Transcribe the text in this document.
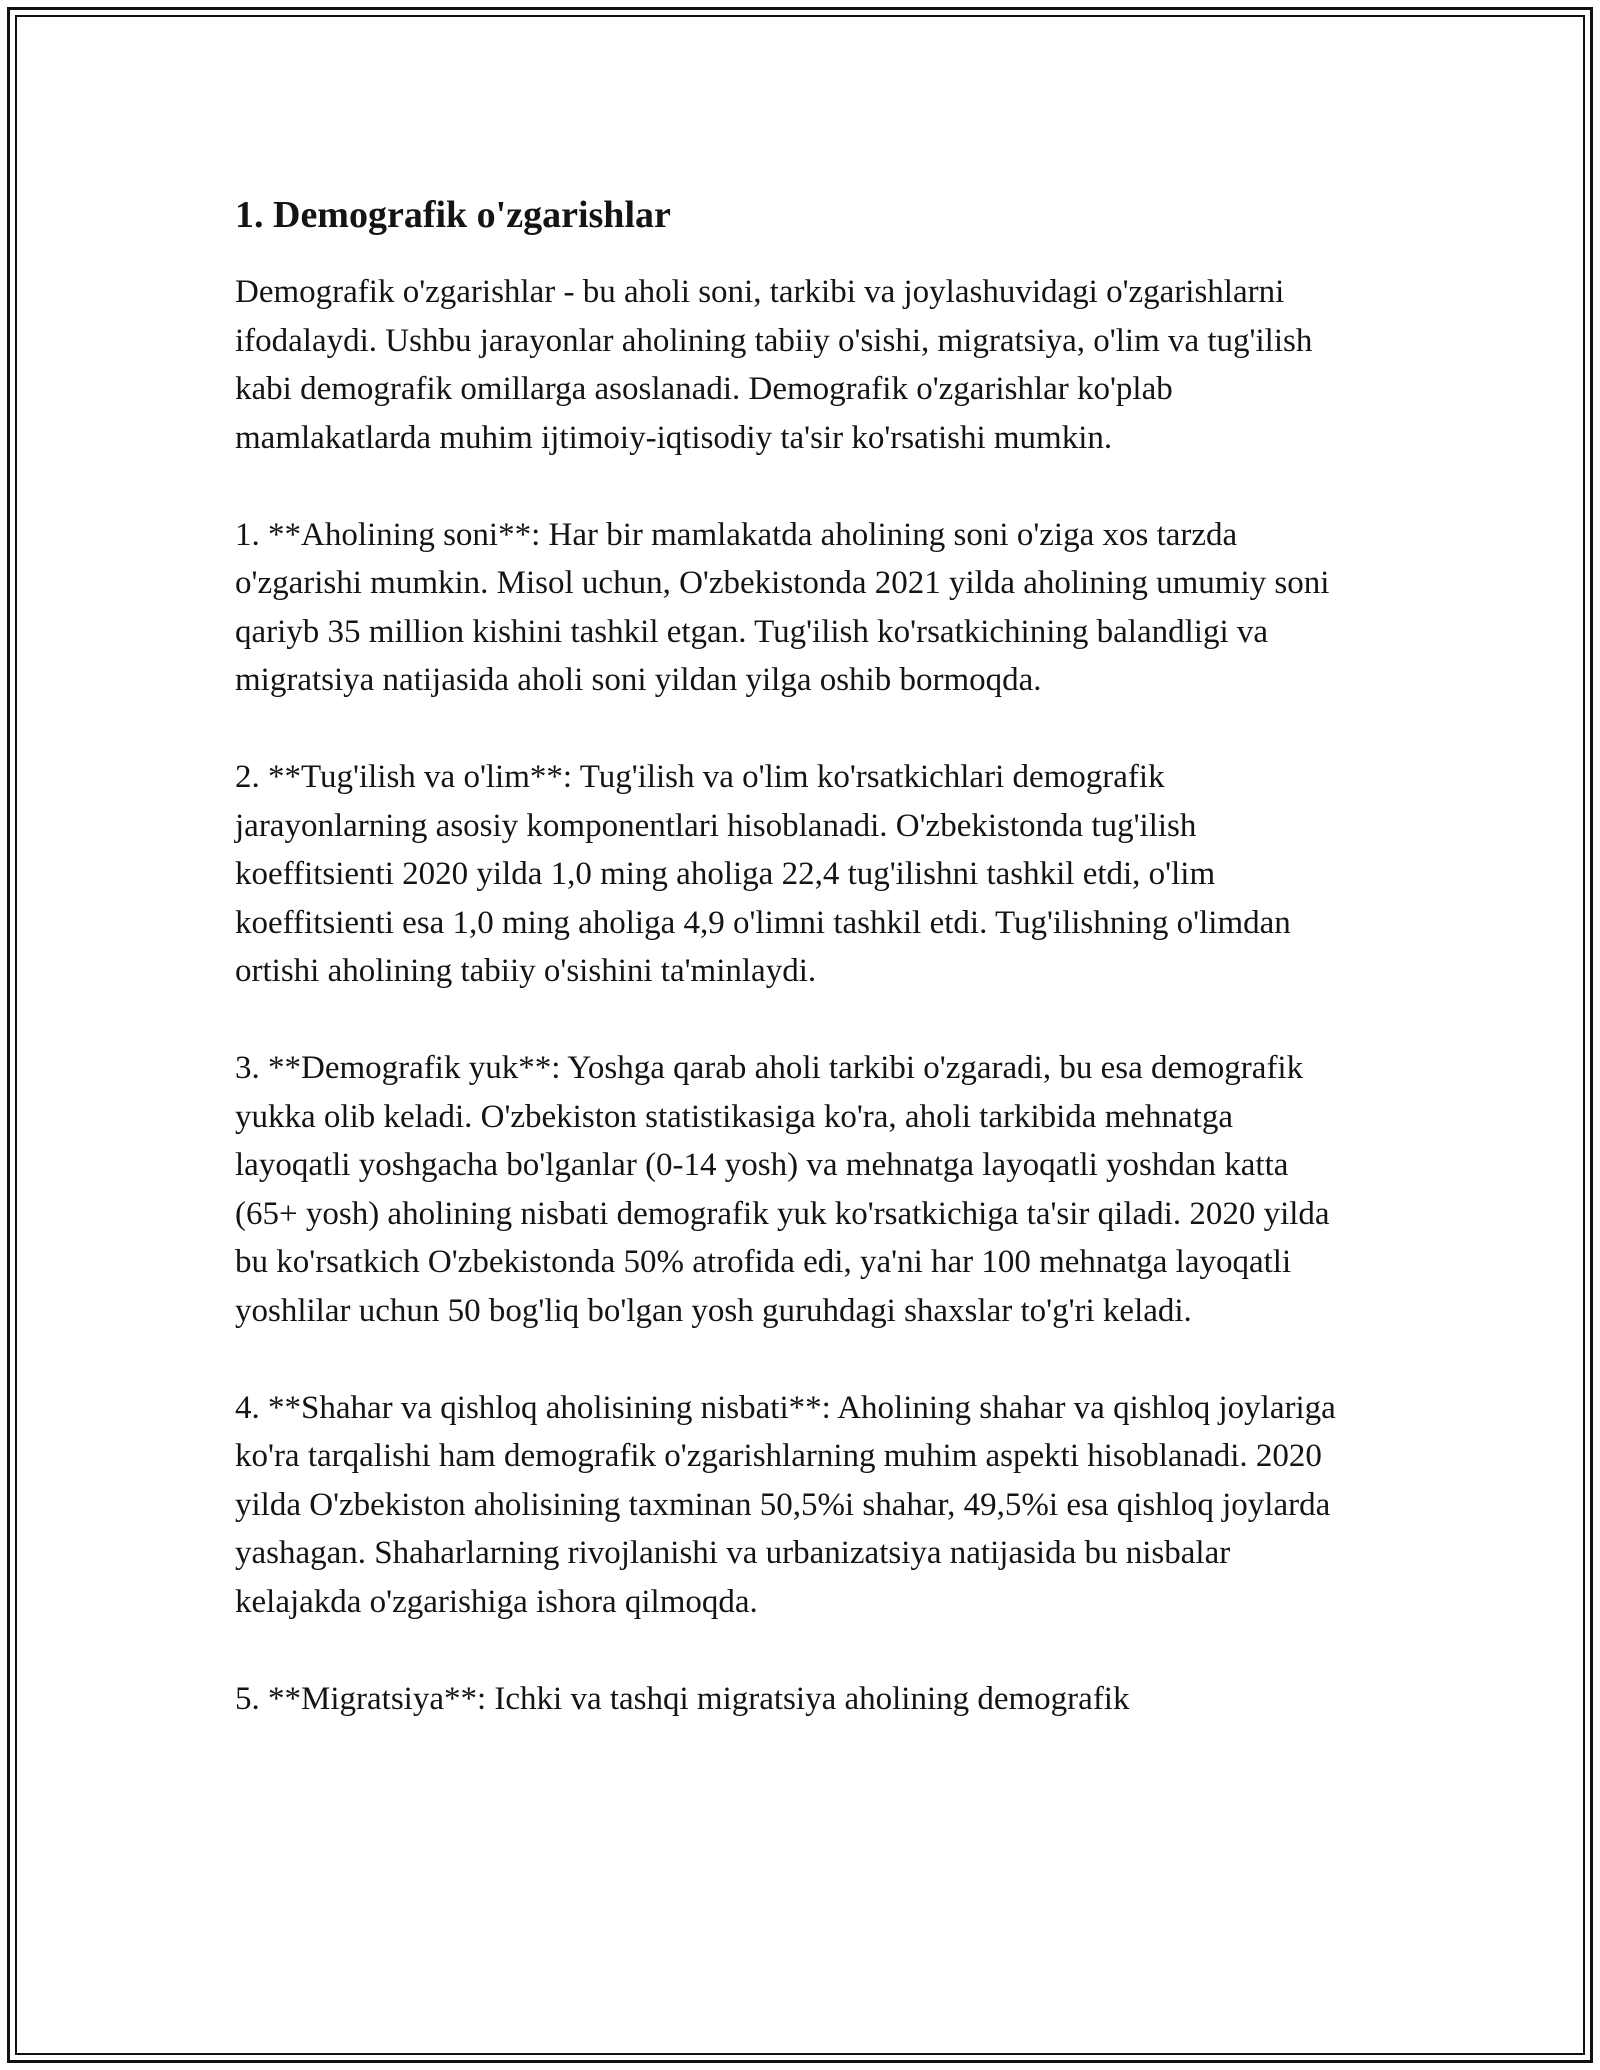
1. Demografik o'zgarishlar

Demografik o'zgarishlar - bu aholi soni, tarkibi va joylashuvidagi o'zgarishlarni ifodalaydi. Ushbu jarayonlar aholining tabiiy o'sishi, migratsiya, o'lim va tug'ilish kabi demografik omillarga asoslanadi. Demografik o'zgarishlar ko'plab mamlakatlarda muhim ijtimoiy-iqtisodiy ta'sir ko'rsatishi mumkin.

1. **Aholining soni**: Har bir mamlakatda aholining soni o'ziga xos tarzda o'zgarishi mumkin. Misol uchun, O'zbekistonda 2021 yilda aholining umumiy soni qariyb 35 million kishini tashkil etgan. Tug'ilish ko'rsatkichining balandligi va migratsiya natijasida aholi soni yildan yilga oshib bormoqda.

2. **Tug'ilish va o'lim**: Tug'ilish va o'lim ko'rsatkichlari demografik jarayonlarning asosiy komponentlari hisoblanadi. O'zbekistonda tug'ilish koeffitsienti 2020 yilda 1,0 ming aholiga 22,4 tug'ilishni tashkil etdi, o'lim koeffitsienti esa 1,0 ming aholiga 4,9 o'limni tashkil etdi. Tug'ilishning o'limdan ortishi aholining tabiiy o'sishini ta'minlaydi.

3. **Demografik yuk**: Yoshga qarab aholi tarkibi o'zgaradi, bu esa demografik yukka olib keladi. O'zbekiston statistikasiga ko'ra, aholi tarkibida mehnatga layoqatli yoshgacha bo'lganlar (0-14 yosh) va mehnatga layoqatli yoshdan katta (65+ yosh) aholining nisbati demografik yuk ko'rsatkichiga ta'sir qiladi. 2020 yilda bu ko'rsatkich O'zbekistonda 50% atrofida edi, ya'ni har 100 mehnatga layoqatli yoshlilar uchun 50 bog'liq bo'lgan yosh guruhdagi shaxslar to'g'ri keladi.

4. **Shahar va qishloq aholisining nisbati**: Aholining shahar va qishloq joylariga ko'ra tarqalishi ham demografik o'zgarishlarning muhim aspekti hisoblanadi. 2020 yilda O'zbekiston aholisining taxminan 50,5%i shahar, 49,5%i esa qishloq joylarda yashagan. Shaharlarning rivojlanishi va urbanizatsiya natijasida bu nisbalar kelajakda o'zgarishiga ishora qilmoqda.

5. **Migratsiya**: Ichki va tashqi migratsiya aholining demografik
